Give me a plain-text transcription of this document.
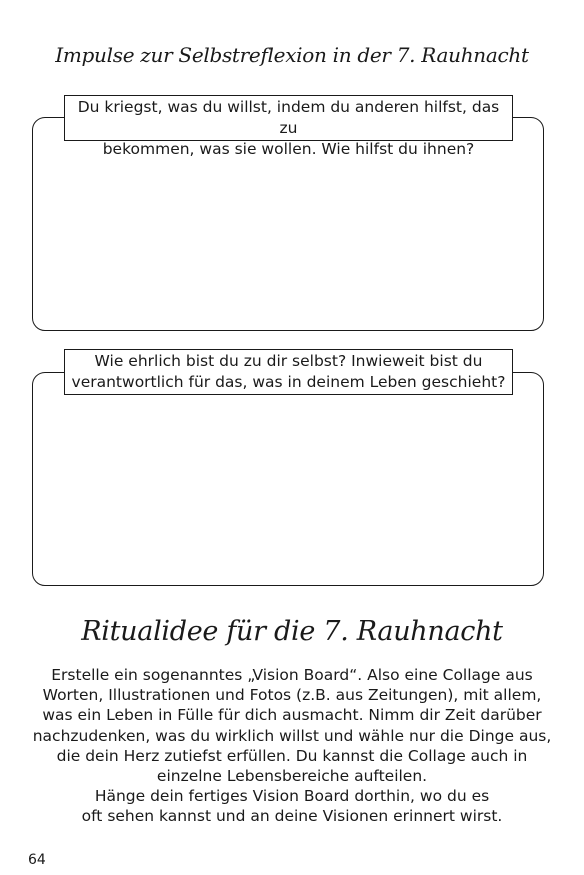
Impulse zur Selbstreflexion in der 7. Rauhnacht

Du kriegst, was du willst, indem du anderen hilfst, das zu
bekommen, was sie wollen. Wie hilfst du ihnen?

Wie ehrlich bist du zu dir selbst? Inwieweit bist du
verantwortlich für das, was in deinem Leben geschieht?

Ritualidee für die 7. Rauhnacht
Erstelle ein sogenanntes „Vision Board“. Also eine Collage aus
Worten, Illustrationen und Fotos (z.B. aus Zeitungen), mit allem,
was ein Leben in Fülle für dich ausmacht. Nimm dir Zeit darüber
nachzudenken, was du wirklich willst und wähle nur die Dinge aus,
die dein Herz zutiefst erfüllen. Du kannst die Collage auch in
einzelne Lebensbereiche aufteilen.
Hänge dein fertiges Vision Board dorthin, wo du es
oft sehen kannst und an deine Visionen erinnert wirst.

64
